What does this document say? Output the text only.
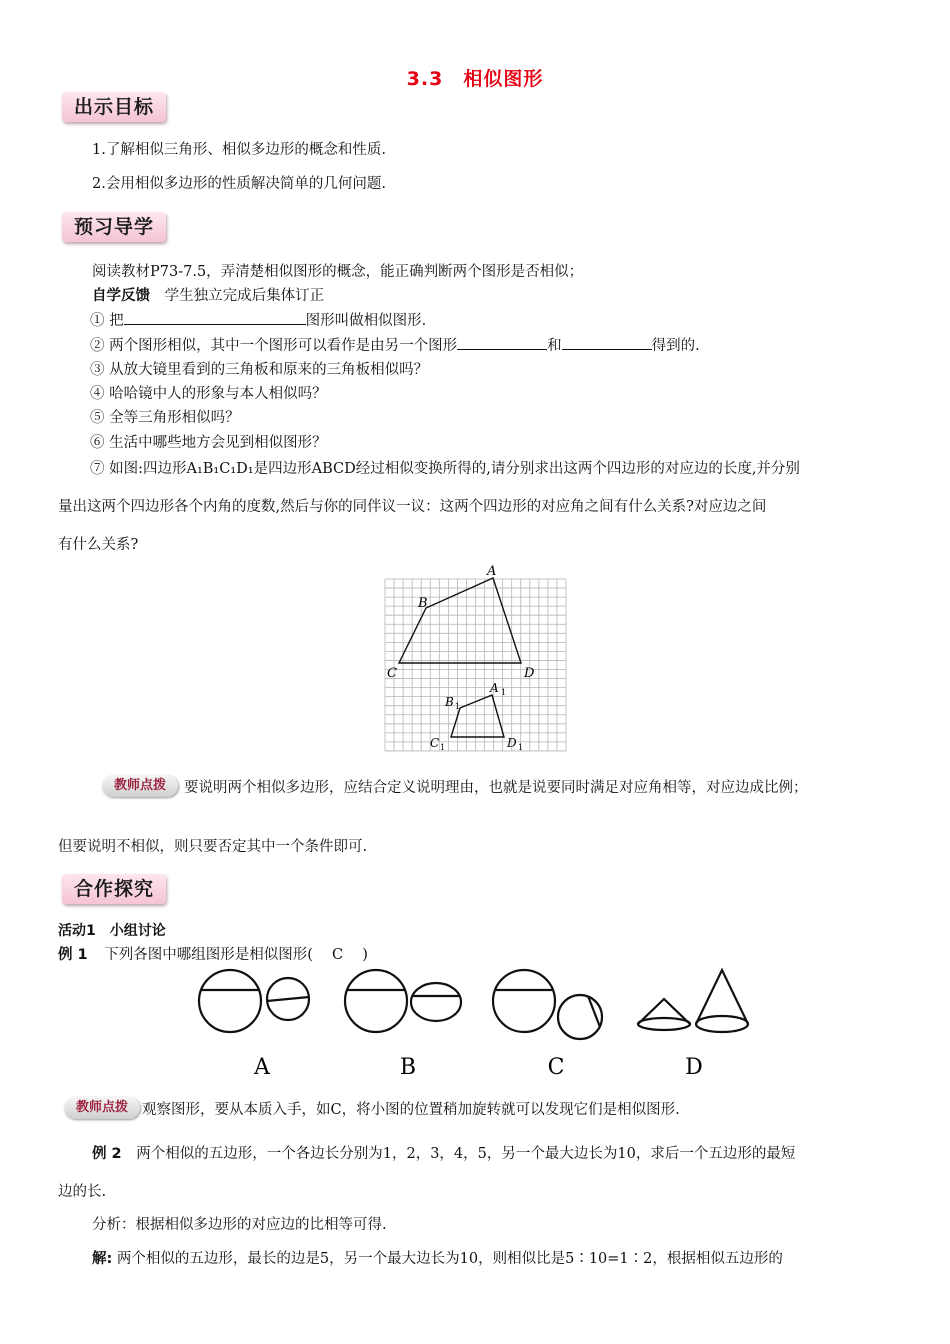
3.3　相似图形
出示目标
1.了解相似三角形、相似多边形的概念和性质.
2.会用相似多边形的性质解决简单的几何问题.
预习导学
阅读教材P73-7.5，弄清楚相似图形的概念，能正确判断两个图形是否相似；
自学反馈 学生独立完成后集体订正
① 把	图形叫做相似图形.
② 两个图形相似，其中一个图形可以看作是由另一个图形	和	得到的.
③ 从放大镜里看到的三角板和原来的三角板相似吗？
④ 哈哈镜中人的形象与本人相似吗？
⑤ 全等三角形相似吗？
⑥ 生活中哪些地方会见到相似图形？
⑦ 如图:四边形A₁B₁C₁D₁是四边形ABCD经过相似变换所得的,请分别求出这两个四边形的对应边的长度,并分别
量出这两个四边形各个内角的度数,然后与你的同伴议一议：这两个四边形的对应角之间有什么关系?对应边之间
有什么关系?
A
B
C	D
A 1
B 1
C 1	D 1
教师点拨	要说明两个相似多边形，应结合定义说明理由，也就是说要同时满足对应角相等，对应边成比例；
但要说明不相似，则只要否定其中一个条件即可.
合作探究
活动1　小组讨论
例 1 下列各图中哪组图形是相似图形(　 C　 )
A	B	C	D
教师点拨 观察图形，要从本质入手，如C，将小图的位置稍加旋转就可以发现它们是相似图形.
例 2 两个相似的五边形，一个各边长分别为1，2，3，4，5，另一个最大边长为10，求后一个五边形的最短
边的长.
分析：根据相似多边形的对应边的比相等可得.
解: 两个相似的五边形，最长的边是5，另一个最大边长为10，则相似比是5∶10=1∶2，根据相似五边形的
